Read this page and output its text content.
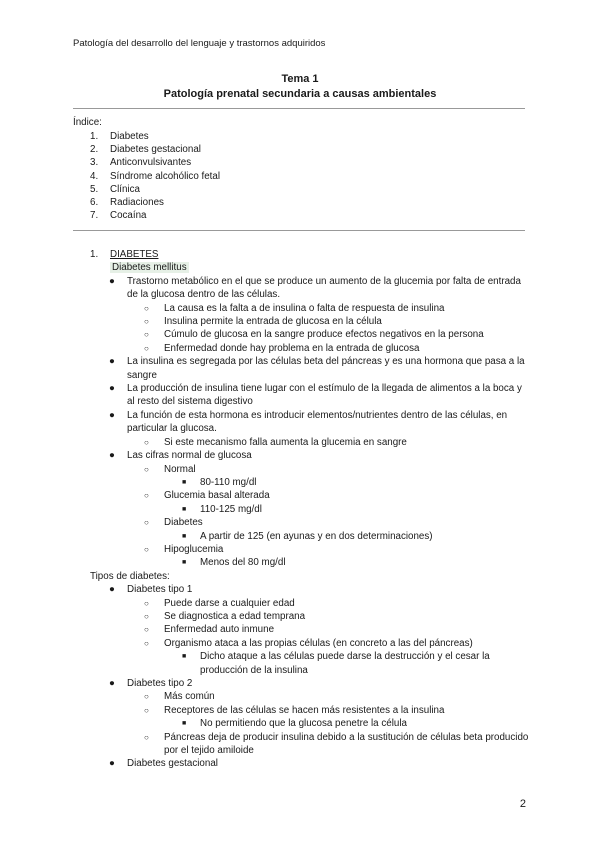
Patología del desarrollo del lenguaje y trastornos adquiridos
Tema 1
Patología prenatal secundaria a causas ambientales
Índice:
1.	Diabetes
2.	Diabetes gestacional
3.	Anticonvulsivantes
4.	Síndrome alcohólico fetal
5.	Clínica
6.	Radiaciones
7.	Cocaína
1.	DIABETES
Diabetes mellitus
● Trastorno metabólico en el que se produce un aumento de la glucemia por falta de entrada de la glucosa dentro de las células.
○ La causa es la falta a de insulina o falta de respuesta de insulina
○ Insulina permite la entrada de glucosa en la célula
○ Cúmulo de glucosa en la sangre produce efectos negativos en la persona
○ Enfermedad donde hay problema en la entrada de glucosa
● La insulina es segregada por las células beta del páncreas y es una hormona que pasa a la sangre
● La producción de insulina tiene lugar con el estímulo de la llegada de alimentos a la boca y al resto del sistema digestivo
● La función de esta hormona es introducir elementos/nutrientes dentro de las células, en particular la glucosa.
○ Si este mecanismo falla aumenta la glucemia en sangre
● Las cifras normal de glucosa
○ Normal
■ 80-110 mg/dl
○ Glucemia basal alterada
■ 110-125 mg/dl
○ Diabetes
■ A partir de 125 (en ayunas y en dos determinaciones)
○ Hipoglucemia
■ Menos del 80 mg/dl
Tipos de diabetes:
● Diabetes tipo 1
○ Puede darse a cualquier edad
○ Se diagnostica a edad temprana
○ Enfermedad auto inmune
○ Organismo ataca a las propias células (en concreto a las del páncreas)
■ Dicho ataque a las células puede darse la destrucción y el cesar la producción de la insulina
● Diabetes tipo 2
○ Más común
○ Receptores de las células se hacen más resistentes a la insulina
■ No permitiendo que la glucosa penetre la célula
○ Páncreas deja de producir insulina debido a la sustitución de células beta producido por el tejido amiloide
● Diabetes gestacional
2
